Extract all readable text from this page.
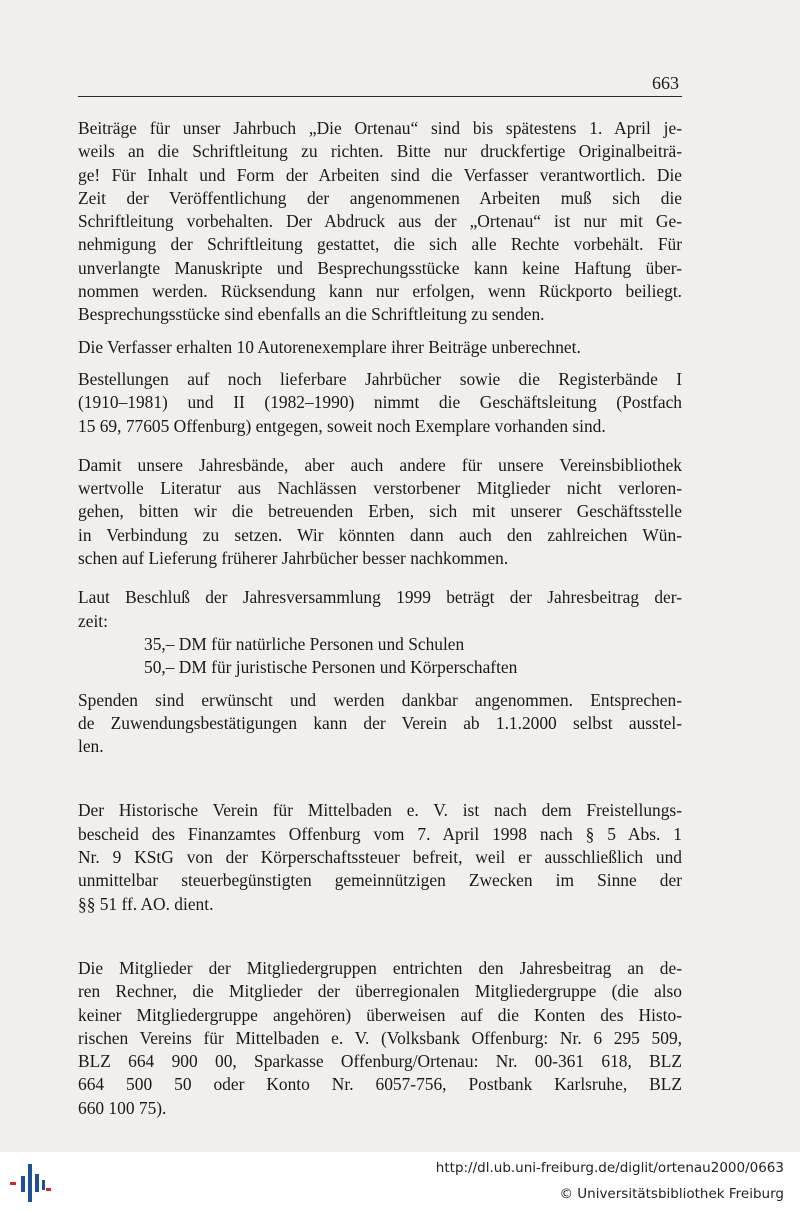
663
Beiträge für unser Jahrbuch „Die Ortenau“ sind bis spätestens 1. April je-
weils an die Schriftleitung zu richten. Bitte nur druckfertige Originalbeiträ-
ge! Für Inhalt und Form der Arbeiten sind die Verfasser verantwortlich. Die
Zeit der Veröffentlichung der angenommenen Arbeiten muß sich die
Schriftleitung vorbehalten. Der Abdruck aus der „Ortenau“ ist nur mit Ge-
nehmigung der Schriftleitung gestattet, die sich alle Rechte vorbehält. Für
unverlangte Manuskripte und Besprechungsstücke kann keine Haftung über-
nommen werden. Rücksendung kann nur erfolgen, wenn Rückporto beiliegt.
Besprechungsstücke sind ebenfalls an die Schriftleitung zu senden.
Die Verfasser erhalten 10 Autorenexemplare ihrer Beiträge unberechnet.
Bestellungen auf noch lieferbare Jahrbücher sowie die Registerbände I
(1910–1981) und II (1982–1990) nimmt die Geschäftsleitung (Postfach
15 69, 77605 Offenburg) entgegen, soweit noch Exemplare vorhanden sind.
Damit unsere Jahresbände, aber auch andere für unsere Vereinsbibliothek
wertvolle Literatur aus Nachlässen verstorbener Mitglieder nicht verloren-
gehen, bitten wir die betreuenden Erben, sich mit unserer Geschäftsstelle
in Verbindung zu setzen. Wir könnten dann auch den zahlreichen Wün-
schen auf Lieferung früherer Jahrbücher besser nachkommen.
Laut Beschluß der Jahresversammlung 1999 beträgt der Jahresbeitrag der-
zeit:
35,– DM für natürliche Personen und Schulen
50,– DM für juristische Personen und Körperschaften
Spenden sind erwünscht und werden dankbar angenommen. Entsprechen-
de Zuwendungsbestätigungen kann der Verein ab 1.1.2000 selbst ausstel-
len.
Der Historische Verein für Mittelbaden e. V. ist nach dem Freistellungs-
bescheid des Finanzamtes Offenburg vom 7. April 1998 nach § 5 Abs. 1
Nr. 9 KStG von der Körperschaftssteuer befreit, weil er ausschließlich und
unmittelbar steuerbegünstigten gemeinnützigen Zwecken im Sinne der
§§ 51 ff. AO. dient.
Die Mitglieder der Mitgliedergruppen entrichten den Jahresbeitrag an de-
ren Rechner, die Mitglieder der überregionalen Mitgliedergruppe (die also
keiner Mitgliedergruppe angehören) überweisen auf die Konten des Histo-
rischen Vereins für Mittelbaden e. V. (Volksbank Offenburg: Nr. 6 295 509,
BLZ 664 900 00, Sparkasse Offenburg/Ortenau: Nr. 00-361 618, BLZ
664 500 50 oder Konto Nr. 6057-756, Postbank Karlsruhe, BLZ
660 100 75).
http://dl.ub.uni-freiburg.de/diglit/ortenau2000/0663
© Universitätsbibliothek Freiburg
